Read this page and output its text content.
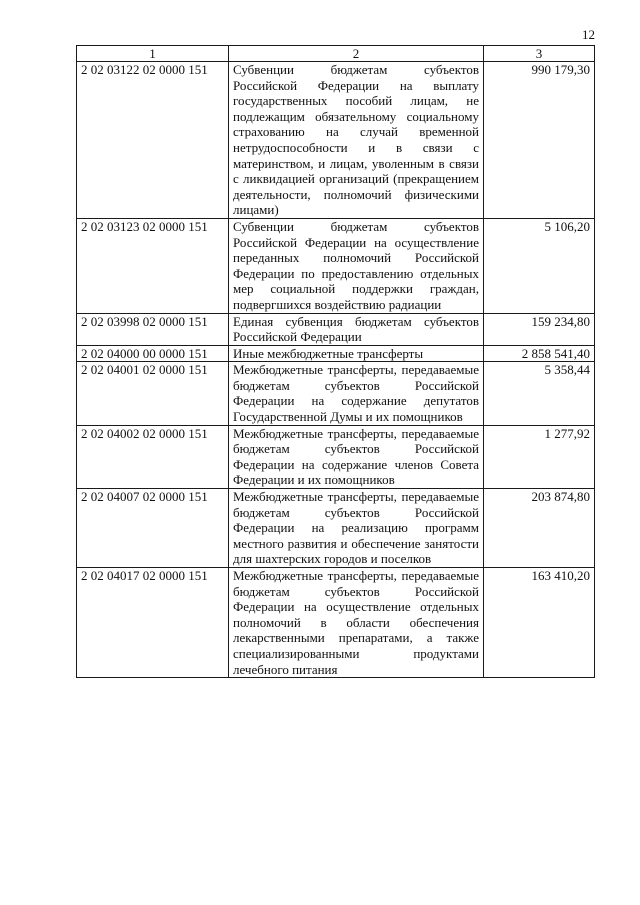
12
1	2	3
2 02 03122 02 0000 151	Субвенции бюджетам субъектов Российской Федерации на выплату государственных пособий лицам, не подлежащим обязательному социальному страхованию на случай временной нетрудоспособности и в связи с материнством, и лицам, уволенным в связи с ликвидацией организаций (прекращением деятельности, полномочий физическими лицами)	990 179,30
2 02 03123 02 0000 151	Субвенции бюджетам субъектов Российской Федерации на осуществление переданных полномочий Российской Федерации по предоставлению отдельных мер социальной поддержки граждан, подвергшихся воздействию радиации	5 106,20
2 02 03998 02 0000 151	Единая субвенция бюджетам субъектов Российской Федерации	159 234,80
2 02 04000 00 0000 151	Иные межбюджетные трансферты	2 858 541,40
2 02 04001 02 0000 151	Межбюджетные трансферты, передаваемые бюджетам субъектов Российской Федерации на содержание депутатов Государственной Думы и их помощников	5 358,44
2 02 04002 02 0000 151	Межбюджетные трансферты, передаваемые бюджетам субъектов Российской Федерации на содержание членов Совета Федерации и их помощников	1 277,92
2 02 04007 02 0000 151	Межбюджетные трансферты, передаваемые бюджетам субъектов Российской Федерации на реализацию программ местного развития и обеспечение занятости для шахтерских городов и поселков	203 874,80
2 02 04017 02 0000 151	Межбюджетные трансферты, передаваемые бюджетам субъектов Российской Федерации на осуществление отдельных полномочий в области обеспечения лекарственными препаратами, а также специализированными продуктами лечебного питания	163 410,20
